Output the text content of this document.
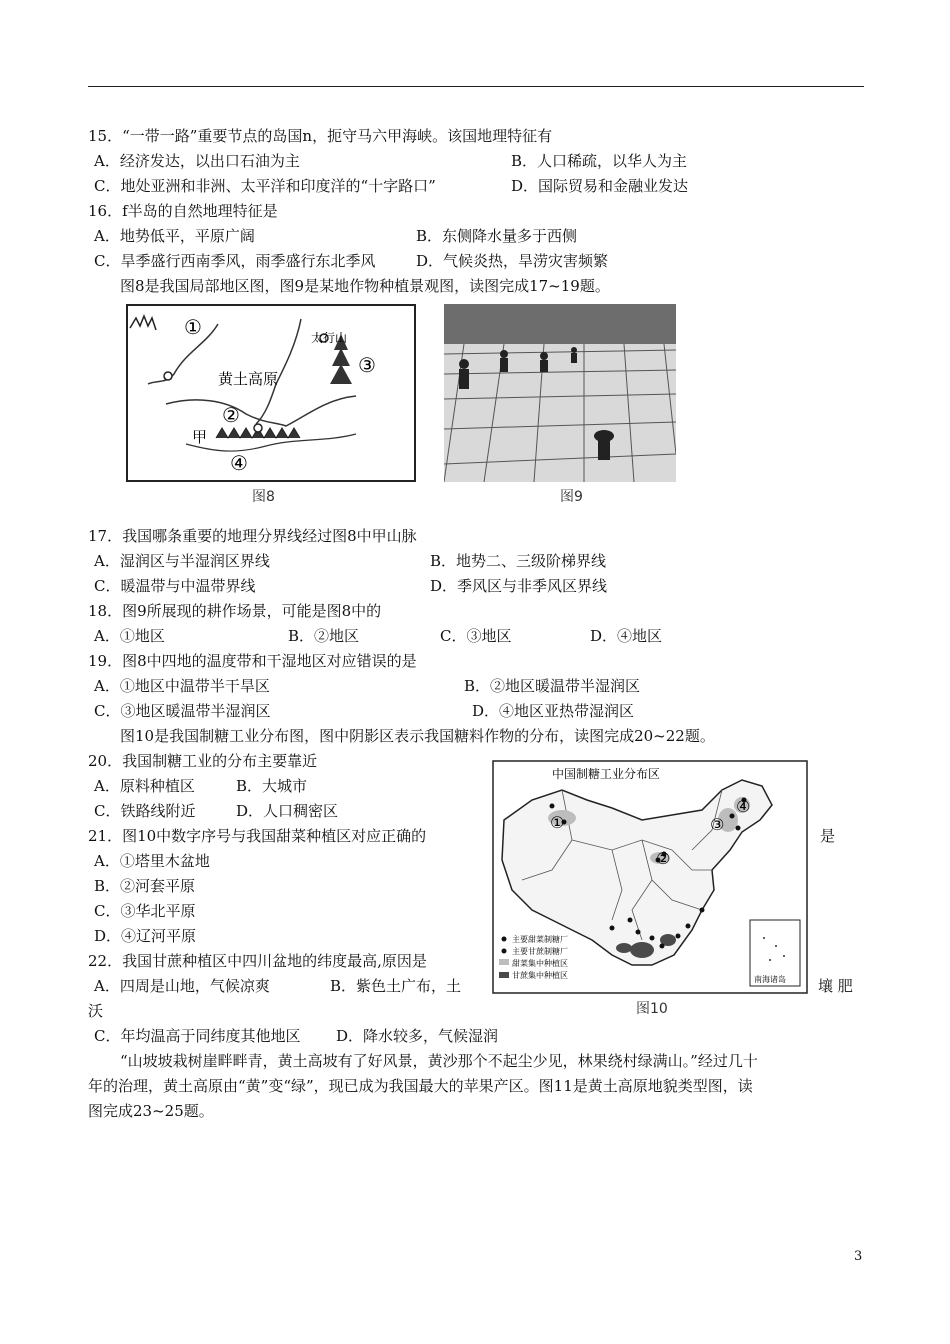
15．“一带一路”重要节点的岛国n，扼守马六甲海峡。该国地理特征有
A．经济发达，以出口石油为主	B．人口稀疏，以华人为主
C．地处亚洲和非洲、太平洋和印度洋的“十字路口”	D．国际贸易和金融业发达
16．f半岛的自然地理特征是
A．地势低平，平原广阔	B．东侧降水量多于西侧
C．旱季盛行西南季风，雨季盛行东北季风	D．气候炎热，旱涝灾害频繁
图8是我国局部地区图，图9是某地作物种植景观图，读图完成17~19题。
①
②
③
④
黄土高原
太行山
甲
图8	图9
17．我国哪条重要的地理分界线经过图8中甲山脉
A．湿润区与半湿润区界线	B．地势二、三级阶梯界线
C．暖温带与中温带界线	D．季风区与非季风区界线
18．图9所展现的耕作场景，可能是图8中的
A．①地区	B．②地区	C．③地区	D．④地区
19．图8中四地的温度带和干湿地区对应错误的是
A．①地区中温带半干旱区	B．②地区暖温带半湿润区
C．③地区暖温带半湿润区	D．④地区亚热带湿润区
图10是我国制糖工业分布图，图中阴影区表示我国糖料作物的分布，读图完成20~22题。
20．我国制糖工业的分布主要靠近
A．原料种植区	B．大城市
C．铁路线附近	D．人口稠密区
21．图10中数字序号与我国甜菜种植区对应正确的	是
A．①塔里木盆地
B．②河套平原
C．③华北平原
D．④辽河平原
22．我国甘蔗种植区中四川盆地的纬度最高,原因是
A．四周是山地，气候凉爽	B．紫色土广布，土	壤 肥
沃
C．年均温高于同纬度其他地区 D．降水较多，气候湿润
中国制糖工业分布区
①
②
③
④
主要甜菜制糖厂
主要甘蔗制糖厂
甜菜集中种植区
甘蔗集中种植区	南海诸岛
图10
“山坡坡栽树崖畔畔青，黄土高坡有了好风景，黄沙那个不起尘少见，林果绕村绿满山。”经过几十
年的治理，黄土高原由“黄”变“绿”，现已成为我国最大的苹果产区。图11是黄土高原地貌类型图，读
图完成23~25题。
3
